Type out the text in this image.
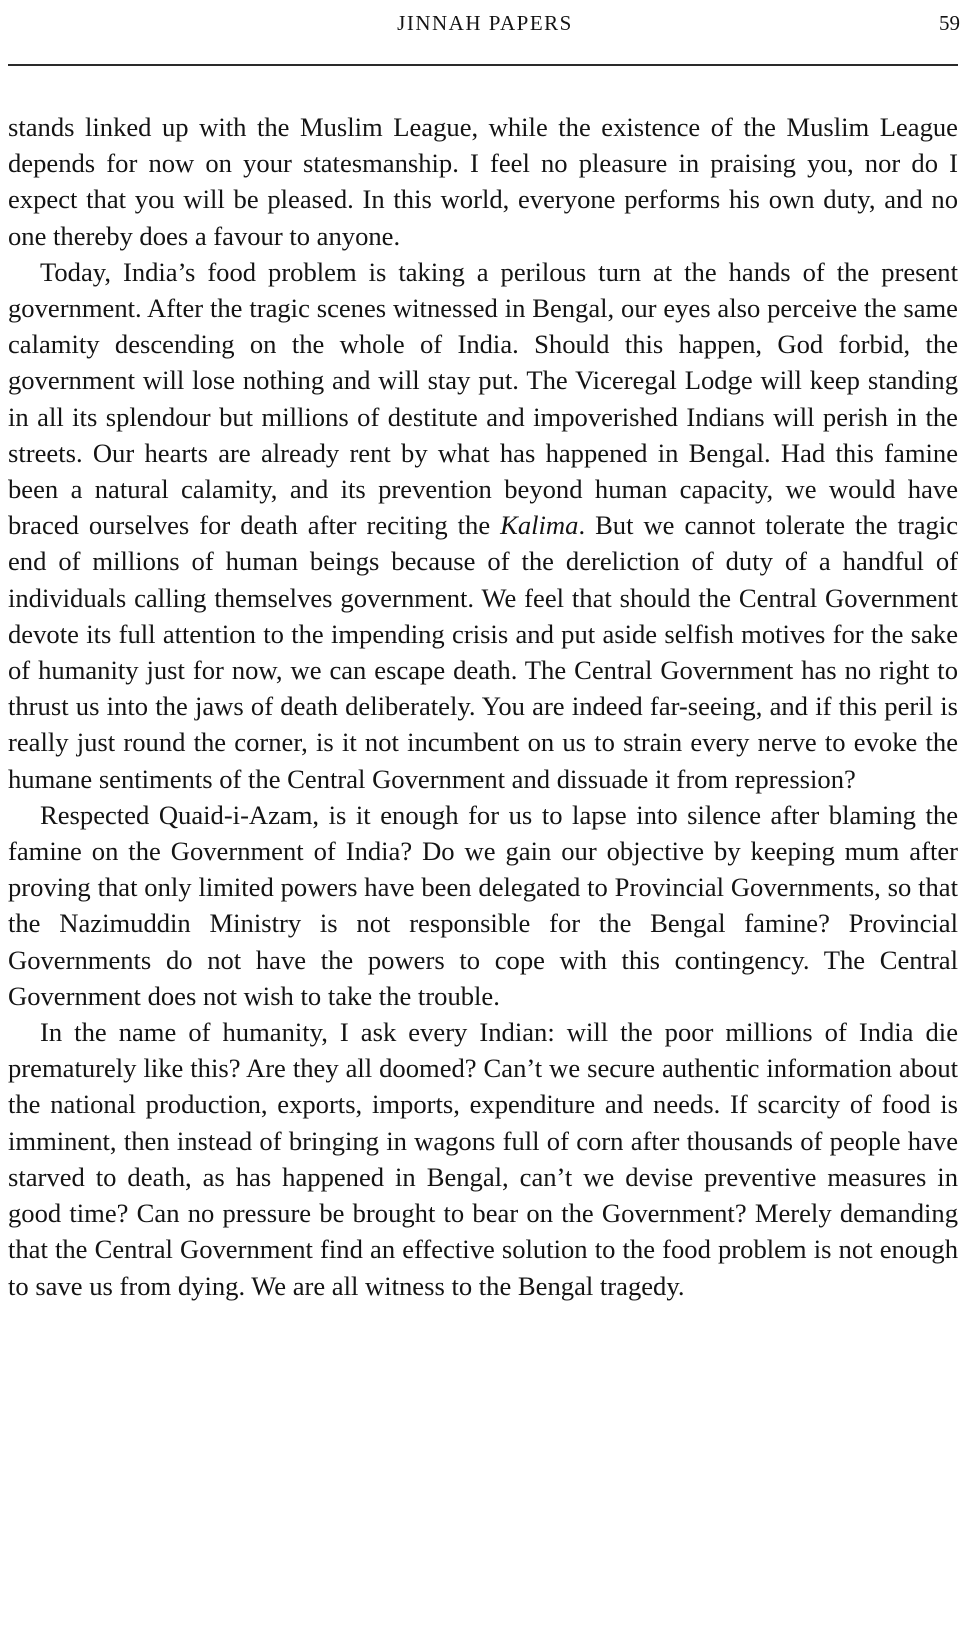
JINNAH PAPERS	59

stands linked up with the Muslim League, while the existence of the Muslim League depends for now on your statesmanship. I feel no pleasure in praising you, nor do I expect that you will be pleased. In this world, everyone performs his own duty, and no one thereby does a favour to anyone.

Today, India’s food problem is taking a perilous turn at the hands of the present government. After the tragic scenes witnessed in Bengal, our eyes also perceive the same calamity descending on the whole of India. Should this happen, God forbid, the government will lose nothing and will stay put. The Viceregal Lodge will keep standing in all its splendour but millions of destitute and impoverished Indians will perish in the streets. Our hearts are already rent by what has happened in Bengal. Had this famine been a natural calamity, and its prevention beyond human capacity, we would have braced ourselves for death after reciting the Kalima. But we cannot tolerate the tragic end of millions of human beings because of the dereliction of duty of a handful of individuals calling themselves government. We feel that should the Central Government devote its full attention to the impending crisis and put aside selfish motives for the sake of humanity just for now, we can escape death. The Central Government has no right to thrust us into the jaws of death deliberately. You are indeed far-seeing, and if this peril is really just round the corner, is it not incumbent on us to strain every nerve to evoke the humane sentiments of the Central Government and dissuade it from repression?

Respected Quaid-i-Azam, is it enough for us to lapse into silence after blaming the famine on the Government of India? Do we gain our objective by keeping mum after proving that only limited powers have been delegated to Provincial Governments, so that the Nazimuddin Ministry is not responsible for the Bengal famine? Provincial Governments do not have the powers to cope with this contingency. The Central Government does not wish to take the trouble.

In the name of humanity, I ask every Indian: will the poor millions of India die prematurely like this? Are they all doomed? Can’t we secure authentic information about the national production, exports, imports, expenditure and needs. If scarcity of food is imminent, then instead of bringing in wagons full of corn after thousands of people have starved to death, as has happened in Bengal, can’t we devise preventive measures in good time? Can no pressure be brought to bear on the Government? Merely demanding that the Central Government find an effective solution to the food problem is not enough to save us from dying. We are all witness to the Bengal tragedy.
